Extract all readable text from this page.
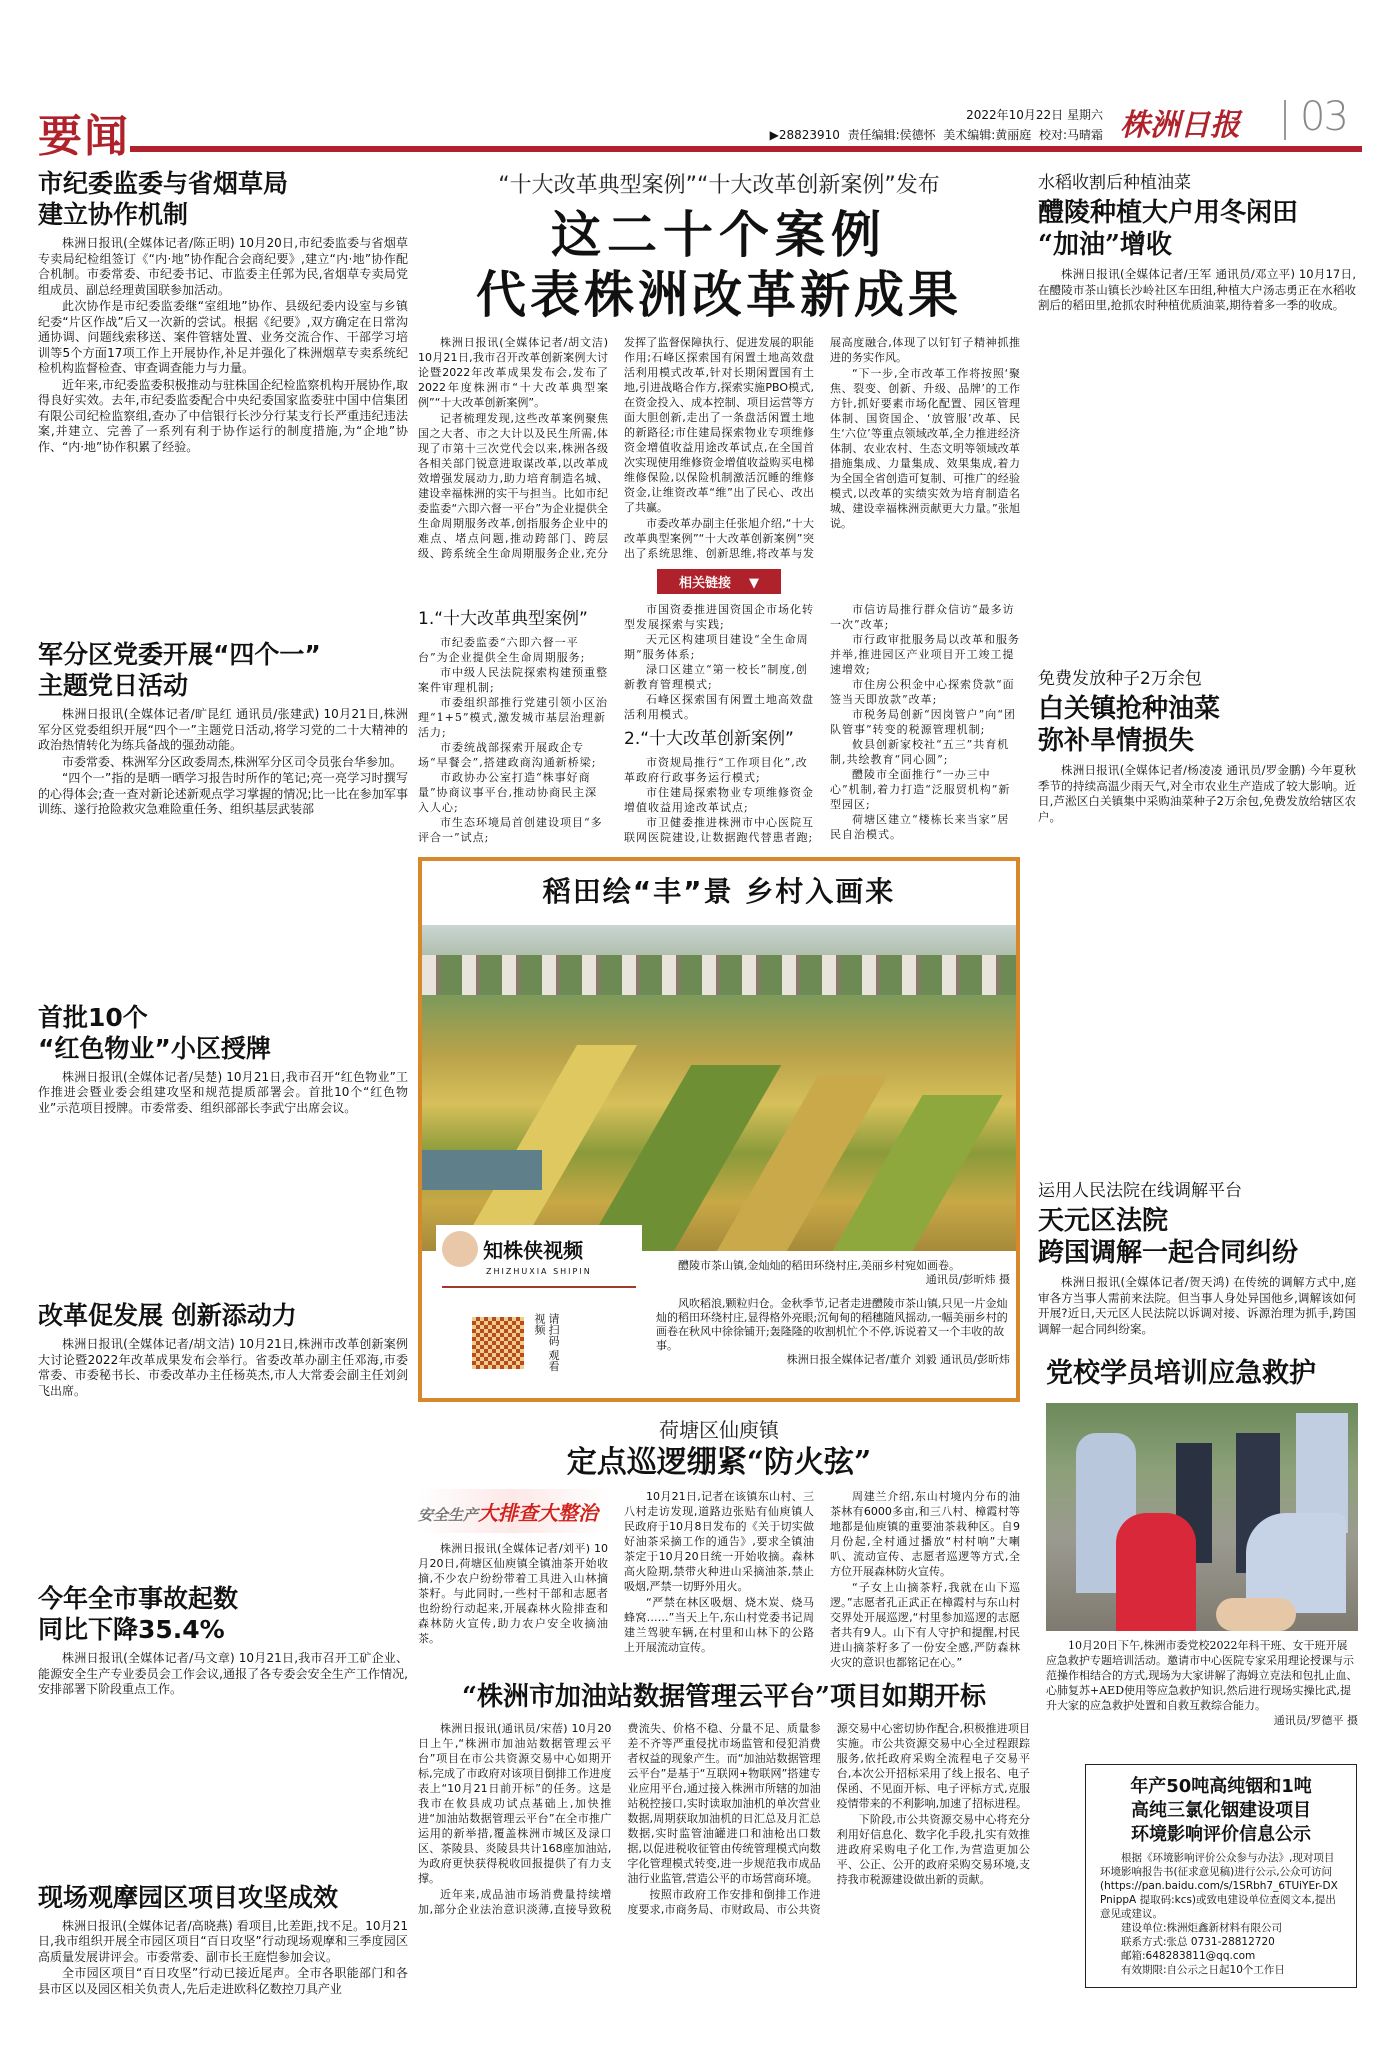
要闻	2022年10月22日 星期六
▶28823910 责任编辑:侯德怀 美术编辑:黄丽庭 校对:马晴霜 株洲日报 03
市纪委监委与省烟草局
建立协作机制

株洲日报讯(全媒体记者/陈正明) 10月20日,市纪委监委与省烟草专卖局纪检组签订《“内·地”协作配合会商纪要》,建立“内·地”协作配合机制。市委常委、市纪委书记、市监委主任郭为民,省烟草专卖局党组成员、副总经理黄国联参加活动。

此次协作是市纪委监委继“室组地”协作、县级纪委内设室与乡镇纪委“片区作战”后又一次新的尝试。根据《纪要》,双方确定在日常沟通协调、问题线索移送、案件管辖处置、业务交流合作、干部学习培训等5个方面17项工作上开展协作,补足并强化了株洲烟草专卖系统纪检机构监督检查、审查调查能力与力量。

近年来,市纪委监委积极推动与驻株国企纪检监察机构开展协作,取得良好实效。去年,市纪委监委配合中央纪委国家监委驻中国中信集团有限公司纪检监察组,查办了中信银行长沙分行某支行长严重违纪违法案,并建立、完善了一系列有利于协作运行的制度措施,为“企地”协作、“内·地”协作积累了经验。

军分区党委开展“四个一”
主题党日活动

株洲日报讯(全媒体记者/旷昆红 通讯员/张建武) 10月21日,株洲军分区党委组织开展“四个一”主题党日活动,将学习党的二十大精神的政治热情转化为练兵备战的强劲动能。

市委常委、株洲军分区政委周杰,株洲军分区司令员张台华参加。

“四个一”指的是晒一晒学习报告时所作的笔记;亮一亮学习时撰写的心得体会;查一查对新论述新观点学习掌握的情况;比一比在参加军事训练、遂行抢险救灾急难险重任务、组织基层武装部

首批10个
“红色物业”小区授牌

株洲日报讯(全媒体记者/吴楚) 10月21日,我市召开“红色物业”工作推进会暨业委会组建攻坚和规范提质部署会。首批10个“红色物业”示范项目授牌。市委常委、组织部部长李武宁出席会议。

改革促发展 创新添动力

株洲日报讯(全媒体记者/胡文洁) 10月21日,株洲市改革创新案例大讨论暨2022年改革成果发布会举行。省委改革办副主任邓海,市委常委、市委秘书长、市委改革办主任杨英杰,市人大常委会副主任刘剑飞出席。

今年全市事故起数
同比下降35.4%

株洲日报讯(全媒体记者/马文章) 10月21日,我市召开工矿企业、能源安全生产专业委员会工作会议,通报了各专委会安全生产工作情况,安排部署下阶段重点工作。

现场观摩园区项目攻坚成效

株洲日报讯(全媒体记者/高晓燕) 看项目,比差距,找不足。10月21日,我市组织开展全市园区项目“百日攻坚”行动现场观摩和三季度园区高质量发展讲评会。市委常委、副市长王庭恺参加会议。

全市园区项目“百日攻坚”行动已接近尾声。全市各职能部门和各县市区以及园区相关负责人,先后走进欧科亿数控刀具产业

“十大改革典型案例”“十大改革创新案例”发布
这二十个案例
代表株洲改革新成果

株洲日报讯(全媒体记者/胡文洁) 10月21日,我市召开改革创新案例大讨论暨2022年改革成果发布会,发布了2022年度株洲市“十大改革典型案例”“十大改革创新案例”。

记者梳理发现,这些改革案例聚焦国之大者、市之大计以及民生所需,体现了市第十三次党代会以来,株洲各级各相关部门锐意进取谋改革,以改革成效增强发展动力,助力培育制造名城、建设幸福株洲的实干与担当。比如市纪委监委“六即六督一平台”为企业提供全生命周期服务改革,创指服务企业中的难点、堵点问题,推动跨部门、跨层级、跨系统全生命周期服务企业,充分发挥了监督保障执行、促进发展的职能作用;石峰区探索国有闲置土地高效盘活利用模式改革,针对长期闲置国有土地,引进战略合作方,探索实施PBO模式,在资金投入、成本控制、项目运营等方面大胆创新,走出了一条盘活闲置土地的新路径;市住建局探索物业专项维修资金增值收益用途改革试点,在全国首次实现使用维修资金增值收益购买电梯维修保险,以保险机制激活沉睡的维修资金,让维资改革“维”出了民心、改出了共赢。

市委改革办副主任张旭介绍,“十大改革典型案例”“十大改革创新案例”突出了系统思维、创新思维,将改革与发展高度融合,体现了以钉钉子精神抓推进的务实作风。

“下一步,全市改革工作将按照‘聚焦、裂变、创新、升级、品牌’的工作方针,抓好要素市场化配置、园区管理体制、国资国企、‘放管服’改革、民生‘六位’等重点领域改革,全力推进经济体制、农业农村、生态文明等领域改革措施集成、力量集成、效果集成,着力为全国全省创造可复制、可推广的经验模式,以改革的实绩实效为培育制造名城、建设幸福株洲贡献更大力量。”张旭说。

相关链接    ▼
1.“十大改革典型案例”

市纪委监委“六即六督一平台”为企业提供全生命周期服务;

市中级人民法院探索构建预重整案件审理机制;

市委组织部推行党建引领小区治理“1+5”模式,激发城市基层治理新活力;

市委统战部探索开展政企专场“早餐会”,搭建政商沟通新桥梁;

市政协办公室打造“株事好商量”协商议事平台,推动协商民主深入人心;

市生态环境局首创建设项目“多评合一”试点;

市国资委推进国资国企市场化转型发展探索与实践;

天元区构建项目建设“全生命周期”服务体系;

渌口区建立“第一校长”制度,创新教育管理模式;

石峰区探索国有闲置土地高效盘活利用模式。

2.“十大改革创新案例”

市资规局推行“工作项目化”,改革政府行政事务运行模式;

市住建局探索物业专项维修资金增值收益用途改革试点;

市卫健委推进株洲市中心医院互联网医院建设,让数据跑代替患者跑;

市信访局推行群众信访“最多访一次”改革;

市行政审批服务局以改革和服务并举,推进园区产业项目开工竣工提速增效;

市住房公积金中心探索贷款“面签当天即放款”改革;

市税务局创新“因岗管户”向“团队管事”转变的税源管理机制;

攸县创新家校社“五三”共育机制,共绘教育“同心圆”;

醴陵市全面推行“一办三中心”机制,着力打造“泛服贸机构”新型园区;

荷塘区建立“楼栋长来当家”居民自治模式。

稻田绘“丰”景 乡村入画来
知株侠视频
ZHIZHUXIA SHIPIN
请扫码 观看视频
醴陵市茶山镇,金灿灿的稻田环绕村庄,美丽乡村宛如画卷。
通讯员/彭昕炜 摄
风吹稻浪,颗粒归仓。金秋季节,记者走进醴陵市茶山镇,只见一片金灿灿的稻田环绕村庄,显得格外亮眼;沉甸甸的稻穗随风摇动,一幅美丽乡村的画卷在秋风中徐徐铺开;轰隆隆的收割机忙个不停,诉说着又一个丰收的故事。
株洲日报全媒体记者/董介 刘毅 通讯员/彭昕炜
荷塘区仙庾镇
定点巡逻绷紧“防火弦”
安全生产大排查大整治

株洲日报讯(全媒体记者/刘平) 10月20日,荷塘区仙庾镇全镇油茶开始收摘,不少农户纷纷带着工具进入山林摘茶籽。与此同时,一些村干部和志愿者也纷纷行动起来,开展森林火险排查和森林防火宣传,助力农户安全收摘油茶。

10月21日,记者在该镇东山村、三八村走访发现,道路边张贴有仙庾镇人民政府于10月8日发布的《关于切实做好油茶采摘工作的通告》,要求全镇油茶定于10月20日统一开始收摘。森林高火险期,禁带火种进山采摘油茶,禁止吸烟,严禁一切野外用火。

“严禁在林区吸烟、烧木炭、烧马蜂窝……”当天上午,东山村党委书记周建兰驾驶车辆,在村里和山林下的公路上开展流动宣传。

周建兰介绍,东山村境内分布的油茶林有6000多亩,和三八村、樟霞村等地都是仙庾镇的重要油茶栽种区。自9月份起,全村通过播放“村村响”大喇叭、流动宣传、志愿者巡逻等方式,全方位开展森林防火宣传。

“子女上山摘茶籽,我就在山下巡逻。”志愿者孔正武正在樟霞村与东山村交界处开展巡逻,“村里参加巡逻的志愿者共有9人。山下有人守护和提醒,村民进山摘茶籽多了一份安全感,严防森林火灾的意识也都铭记在心。”

“株洲市加油站数据管理云平台”项目如期开标

株洲日报讯(通讯员/宋蓓) 10月20日上午,“株洲市加油站数据管理云平台”项目在市公共资源交易中心如期开标,完成了市政府对该项目倒排工作进度表上“10月21日前开标”的任务。这是我市在攸县成功试点基础上,加快推进“加油站数据管理云平台”在全市推广运用的新举措,覆盖株洲市城区及渌口区、茶陵县、炎陵县共计168座加油站,为政府更快获得税收回报提供了有力支撑。

近年来,成品油市场消费量持续增加,部分企业法治意识淡薄,直接导致税费流失、价格不稳、分量不足、质量参差不齐等严重侵扰市场监管和侵犯消费者权益的现象产生。而“加油站数据管理云平台”是基于“互联网+物联网”搭建专业应用平台,通过接入株洲市所辖的加油站税控接口,实时读取加油机的单次营业数据,周期获取加油机的日汇总及月汇总数据,实时监管油罐进口和油枪出口数据,以促进税收征管由传统管理模式向数字化管理模式转变,进一步规范我市成品油行业监管,营造公平的市场营商环境。

按照市政府工作安排和倒排工作进度要求,市商务局、市财政局、市公共资源交易中心密切协作配合,积极推进项目实施。市公共资源交易中心全过程跟踪服务,依托政府采购全流程电子交易平台,本次公开招标采用了线上报名、电子保函、不见面开标、电子评标方式,克服疫情带来的不利影响,加速了招标进程。

下阶段,市公共资源交易中心将充分利用好信息化、数字化手段,扎实有效推进政府采购电子化工作,为营造更加公平、公正、公开的政府采购交易环境,支持我市税源建设做出新的贡献。

水稻收割后种植油菜
醴陵种植大户用冬闲田
“加油”增收

株洲日报讯(全媒体记者/王军 通讯员/邓立平) 10月17日,在醴陵市茶山镇长沙岭社区车田组,种植大户汤志勇正在水稻收割后的稻田里,抢抓农时种植优质油菜,期待着多一季的收成。

免费发放种子2万余包
白关镇抢种油菜
弥补旱情损失

株洲日报讯(全媒体记者/杨凌凌 通讯员/罗金鹏) 今年夏秋季节的持续高温少雨天气,对全市农业生产造成了较大影响。近日,芦淞区白关镇集中采购油菜种子2万余包,免费发放给辖区农户。

运用人民法院在线调解平台
天元区法院
跨国调解一起合同纠纷

株洲日报讯(全媒体记者/贺天鸿) 在传统的调解方式中,庭审各方当事人需前来法院。但当事人身处异国他乡,调解该如何开展?近日,天元区人民法院以诉调对接、诉源治理为抓手,跨国调解一起合同纠纷案。

党校学员培训应急救护
10月20日下午,株洲市委党校2022年科干班、女干班开展应急救护专题培训活动。邀请市中心医院专家采用理论授课与示范操作相结合的方式,现场为大家讲解了海姆立克法和包扎止血、心肺复苏+AED使用等应急救护知识,然后进行现场实操比武,提升大家的应急救护处置和自救互救综合能力。
通讯员/罗德平 摄
年产50吨高纯铟和1吨
高纯三氯化铟建设项目
环境影响评价信息公示
根据《环境影响评价公众参与办法》,现对项目环境影响报告书(征求意见稿)进行公示,公众可访问(https://pan.baidu.com/s/1SRbh7_6TUiYEr-DXPnippA 提取码:kcs)或致电建设单位查阅文本,提出意见或建议。
建设单位:株洲炬鑫新材料有限公司
联系方式:张总 0731-28812720
邮箱:648283811@qq.com
有效期限:自公示之日起10个工作日
